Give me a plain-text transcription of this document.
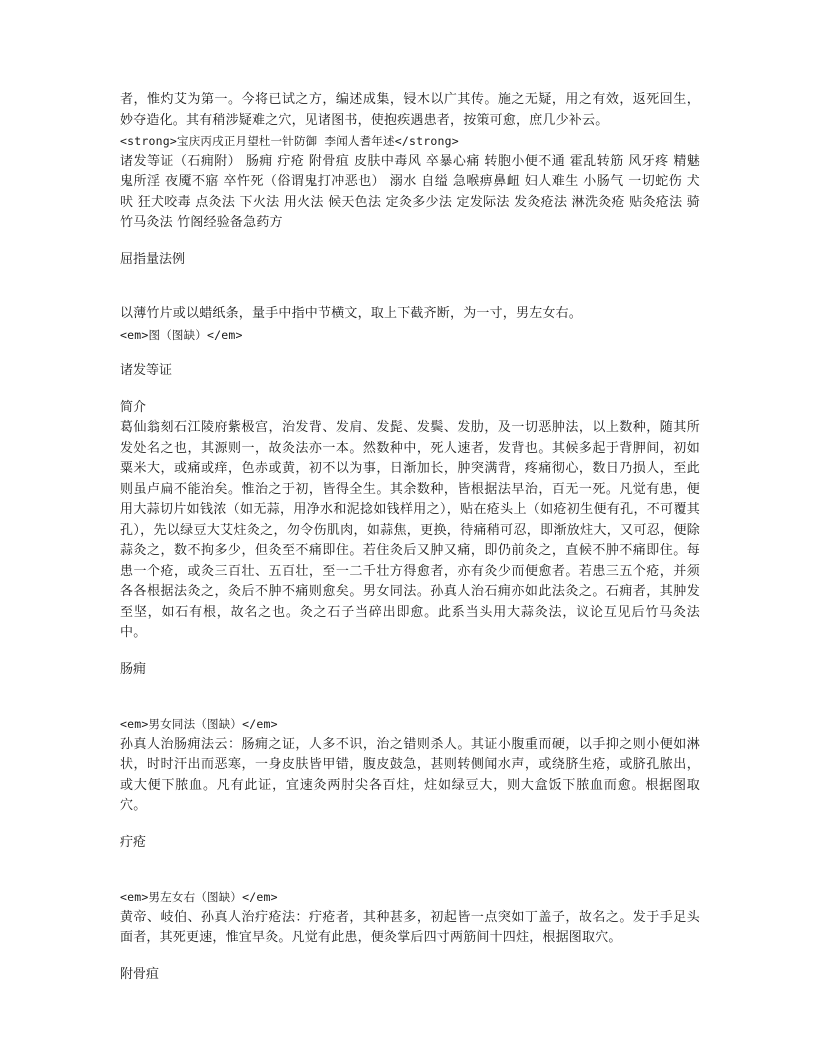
者，惟灼艾为第一。今将已试之方，编述成集，锓木以广其传。施之无疑，用之有效，返死回生，妙夺造化。其有稍涉疑难之穴，见诸图书，使抱疾遇患者，按策可愈，庶几少补云。

<strong>宝庆丙戌正月望杜一针防御 李闻人耆年述</strong>

诸发等证（石痈附） 肠痈 疔疮 附骨疽 皮肤中毒风 卒暴心痛 转胞小便不通 霍乱转筋 风牙疼 精魅鬼所淫 夜魇不寤 卒忤死（俗谓鬼打冲恶也） 溺水 自缢 急喉痹鼻衄 妇人难生 小肠气 一切蛇伤 犬吠 狂犬咬毒 点灸法 下火法 用火法 候天色法 定灸多少法 定发际法 发灸疮法 淋洗灸疮 贴灸疮法 骑竹马灸法 竹阁经验备急药方

屈指量法例

以薄竹片或以蜡纸条，量手中指中节横文，取上下截齐断，为一寸，男左女右。

<em>图（图缺）</em>

诸发等证

简介

葛仙翁刻石江陵府紫极宫，治发背、发肩、发髭、发鬓、发肋，及一切恶肿法，以上数种，随其所发处名之也，其源则一，故灸法亦一本。然数种中，死人速者，发背也。其候多起于背胛间，初如粟米大，或痛或痒，色赤或黄，初不以为事，日渐加长，肿突满背，疼痛彻心，数日乃损人，至此则虽卢扁不能治矣。惟治之于初，皆得全生。其余数种，皆根据法早治，百无一死。凡觉有患，便用大蒜切片如钱浓（如无蒜，用净水和泥捻如钱样用之），贴在疮头上（如疮初生便有孔，不可覆其孔），先以绿豆大艾炷灸之，勿令伤肌肉，如蒜焦，更换，待痛稍可忍，即渐放炷大，又可忍，便除蒜灸之，数不拘多少，但灸至不痛即住。若住灸后又肿又痛，即仍前灸之，直候不肿不痛即住。每患一个疮，或灸三百壮、五百壮，至一二千壮方得愈者，亦有灸少而便愈者。若患三五个疮，并须各各根据法灸之，灸后不肿不痛则愈矣。男女同法。孙真人治石痈亦如此法灸之。石痈者，其肿发至坚，如石有根，故名之也。灸之石子当碎出即愈。此系当头用大蒜灸法，议论互见后竹马灸法中。

肠痈

<em>男女同法（图缺）</em>

孙真人治肠痈法云：肠痈之证，人多不识，治之错则杀人。其证小腹重而硬，以手抑之则小便如淋状，时时汗出而恶寒，一身皮肤皆甲错，腹皮鼓急，甚则转侧闻水声，或绕脐生疮，或脐孔脓出，或大便下脓血。凡有此证，宜速灸两肘尖各百炷，炷如绿豆大，则大盒饭下脓血而愈。根据图取穴。

疔疮

<em>男左女右（图缺）</em>

黄帝、岐伯、孙真人治疔疮法：疔疮者，其种甚多，初起皆一点突如丁盖子，故名之。发于手足头面者，其死更速，惟宜早灸。凡觉有此患，便灸掌后四寸两筋间十四炷，根据图取穴。

附骨疽
